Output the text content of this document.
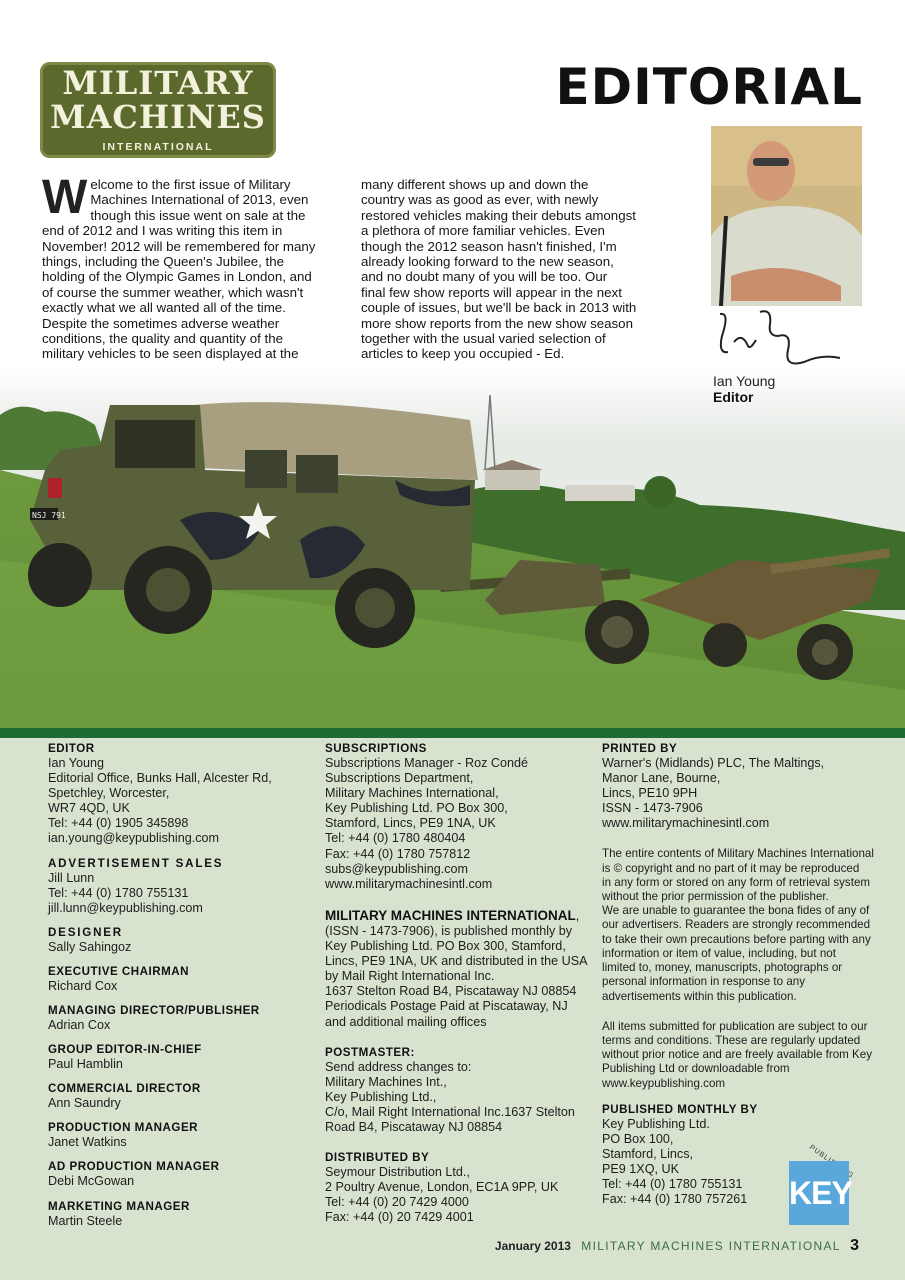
NSJ 791
MILITARY
MACHINES
INTERNATIONAL
EDITORIAL
Ian Young
Editor
W elcome to the first issue of Military
Machines International of 2013, even
though this issue went on sale at the
end of 2012 and I was writing this item in
November! 2012 will be remembered for many
things, including the Queen's Jubilee, the
holding of the Olympic Games in London, and
of course the summer weather, which wasn't
exactly what we all wanted all of the time.
Despite the sometimes adverse weather
conditions, the quality and quantity of the
military vehicles to be seen displayed at the
many different shows up and down the
country was as good as ever, with newly
restored vehicles making their debuts amongst
a plethora of more familiar vehicles. Even
though the 2012 season hasn't finished, I'm
already looking forward to the new season,
and no doubt many of you will be too. Our
final few show reports will appear in the next
couple of issues, but we'll be back in 2013 with
more show reports from the new show season
together with the usual varied selection of
articles to keep you occupied - Ed.
EDITOR
Ian Young
Editorial Office, Bunks Hall, Alcester Rd,
Spetchley, Worcester,
WR7 4QD, UK
Tel: +44 (0) 1905 345898
ian.young@keypublishing.com
ADVERTISEMENT SALES
Jill Lunn
Tel: +44 (0) 1780 755131
jill.lunn@keypublishing.com
DESIGNER
Sally Sahingoz
EXECUTIVE CHAIRMAN
Richard Cox
MANAGING DIRECTOR/PUBLISHER
Adrian Cox
GROUP EDITOR-IN-CHIEF
Paul Hamblin
COMMERCIAL DIRECTOR
Ann Saundry
PRODUCTION MANAGER
Janet Watkins
AD PRODUCTION MANAGER
Debi McGowan
MARKETING MANAGER
Martin Steele
SUBSCRIPTIONS
Subscriptions Manager - Roz Condé
Subscriptions Department,
Military Machines International,
Key Publishing Ltd. PO Box 300,
Stamford, Lincs, PE9 1NA, UK
Tel: +44 (0) 1780 480404
Fax: +44 (0) 1780 757812
subs@keypublishing.com
www.militarymachinesintl.com
MILITARY MACHINES INTERNATIONAL,
(ISSN - 1473-7906), is published monthly by
Key Publishing Ltd. PO Box 300, Stamford,
Lincs, PE9 1NA, UK and distributed in the USA
by Mail Right International Inc.
1637 Stelton Road B4, Piscataway NJ 08854
Periodicals Postage Paid at Piscataway, NJ
and additional mailing offices
POSTMASTER:
Send address changes to:
Military Machines Int.,
Key Publishing Ltd.,
C/o, Mail Right International Inc.1637 Stelton
Road B4, Piscataway NJ 08854
DISTRIBUTED BY
Seymour Distribution Ltd.,
2 Poultry Avenue, London, EC1A 9PP, UK
Tel: +44 (0) 20 7429 4000
Fax: +44 (0) 20 7429 4001
PRINTED BY
Warner's (Midlands) PLC, The Maltings,
Manor Lane, Bourne,
Lincs, PE10 9PH
ISSN - 1473-7906
www.militarymachinesintl.com
The entire contents of Military Machines International
is © copyright and no part of it may be reproduced
in any form or stored on any form of retrieval system
without the prior permission of the publisher.
We are unable to guarantee the bona fides of any of
our advertisers. Readers are strongly recommended
to take their own precautions before parting with any
information or item of value, including, but not
limited to, money, manuscripts, photographs or
personal information in response to any
advertisements within this publication.
All items submitted for publication are subject to our
terms and conditions. These are regularly updated
without prior notice and are freely available from Key
Publishing Ltd or downloadable from
www.keypublishing.com
PUBLISHED MONTHLY BY
Key Publishing Ltd.
PO Box 100,
Stamford, Lincs,
PE9 1XQ, UK
Tel: +44 (0) 1780 755131
Fax: +44 (0) 1780 757261	KEY
January 2013 MILITARY MACHINES INTERNATIONAL 3
